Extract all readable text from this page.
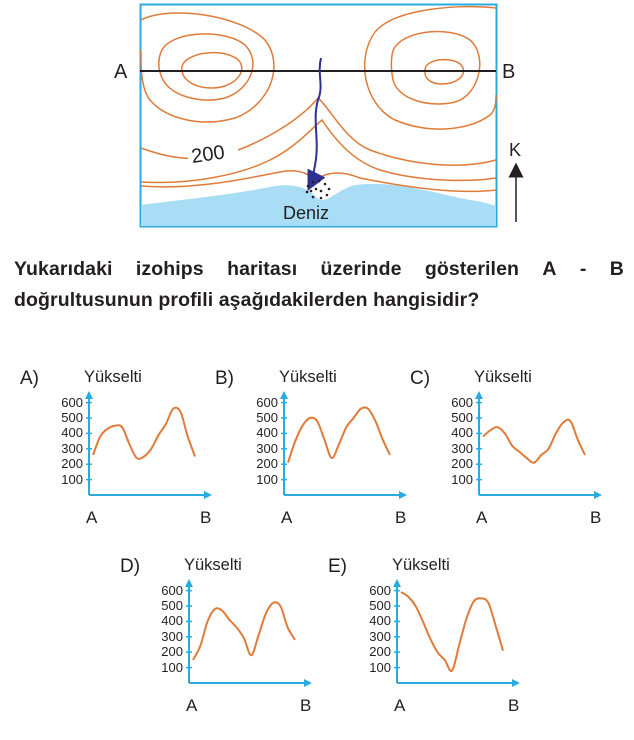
A	B
200
Deniz
K
Yukarıdaki izohips haritası üzerinde gösterilen A - B
doğrultusunun profili aşağıdakilerden hangisidir?
A)	Yükselti
A	B
600
500
400
300
200
100
B)	Yükselti
A	B
600
500
400
300
200
100
C)	Yükselti
A	B
600
500
400
300
200
100
D)	Yükselti
A	B
600
500
400
300
200
100
E)	Yükselti
A	B
600
500
400
300
200
100
